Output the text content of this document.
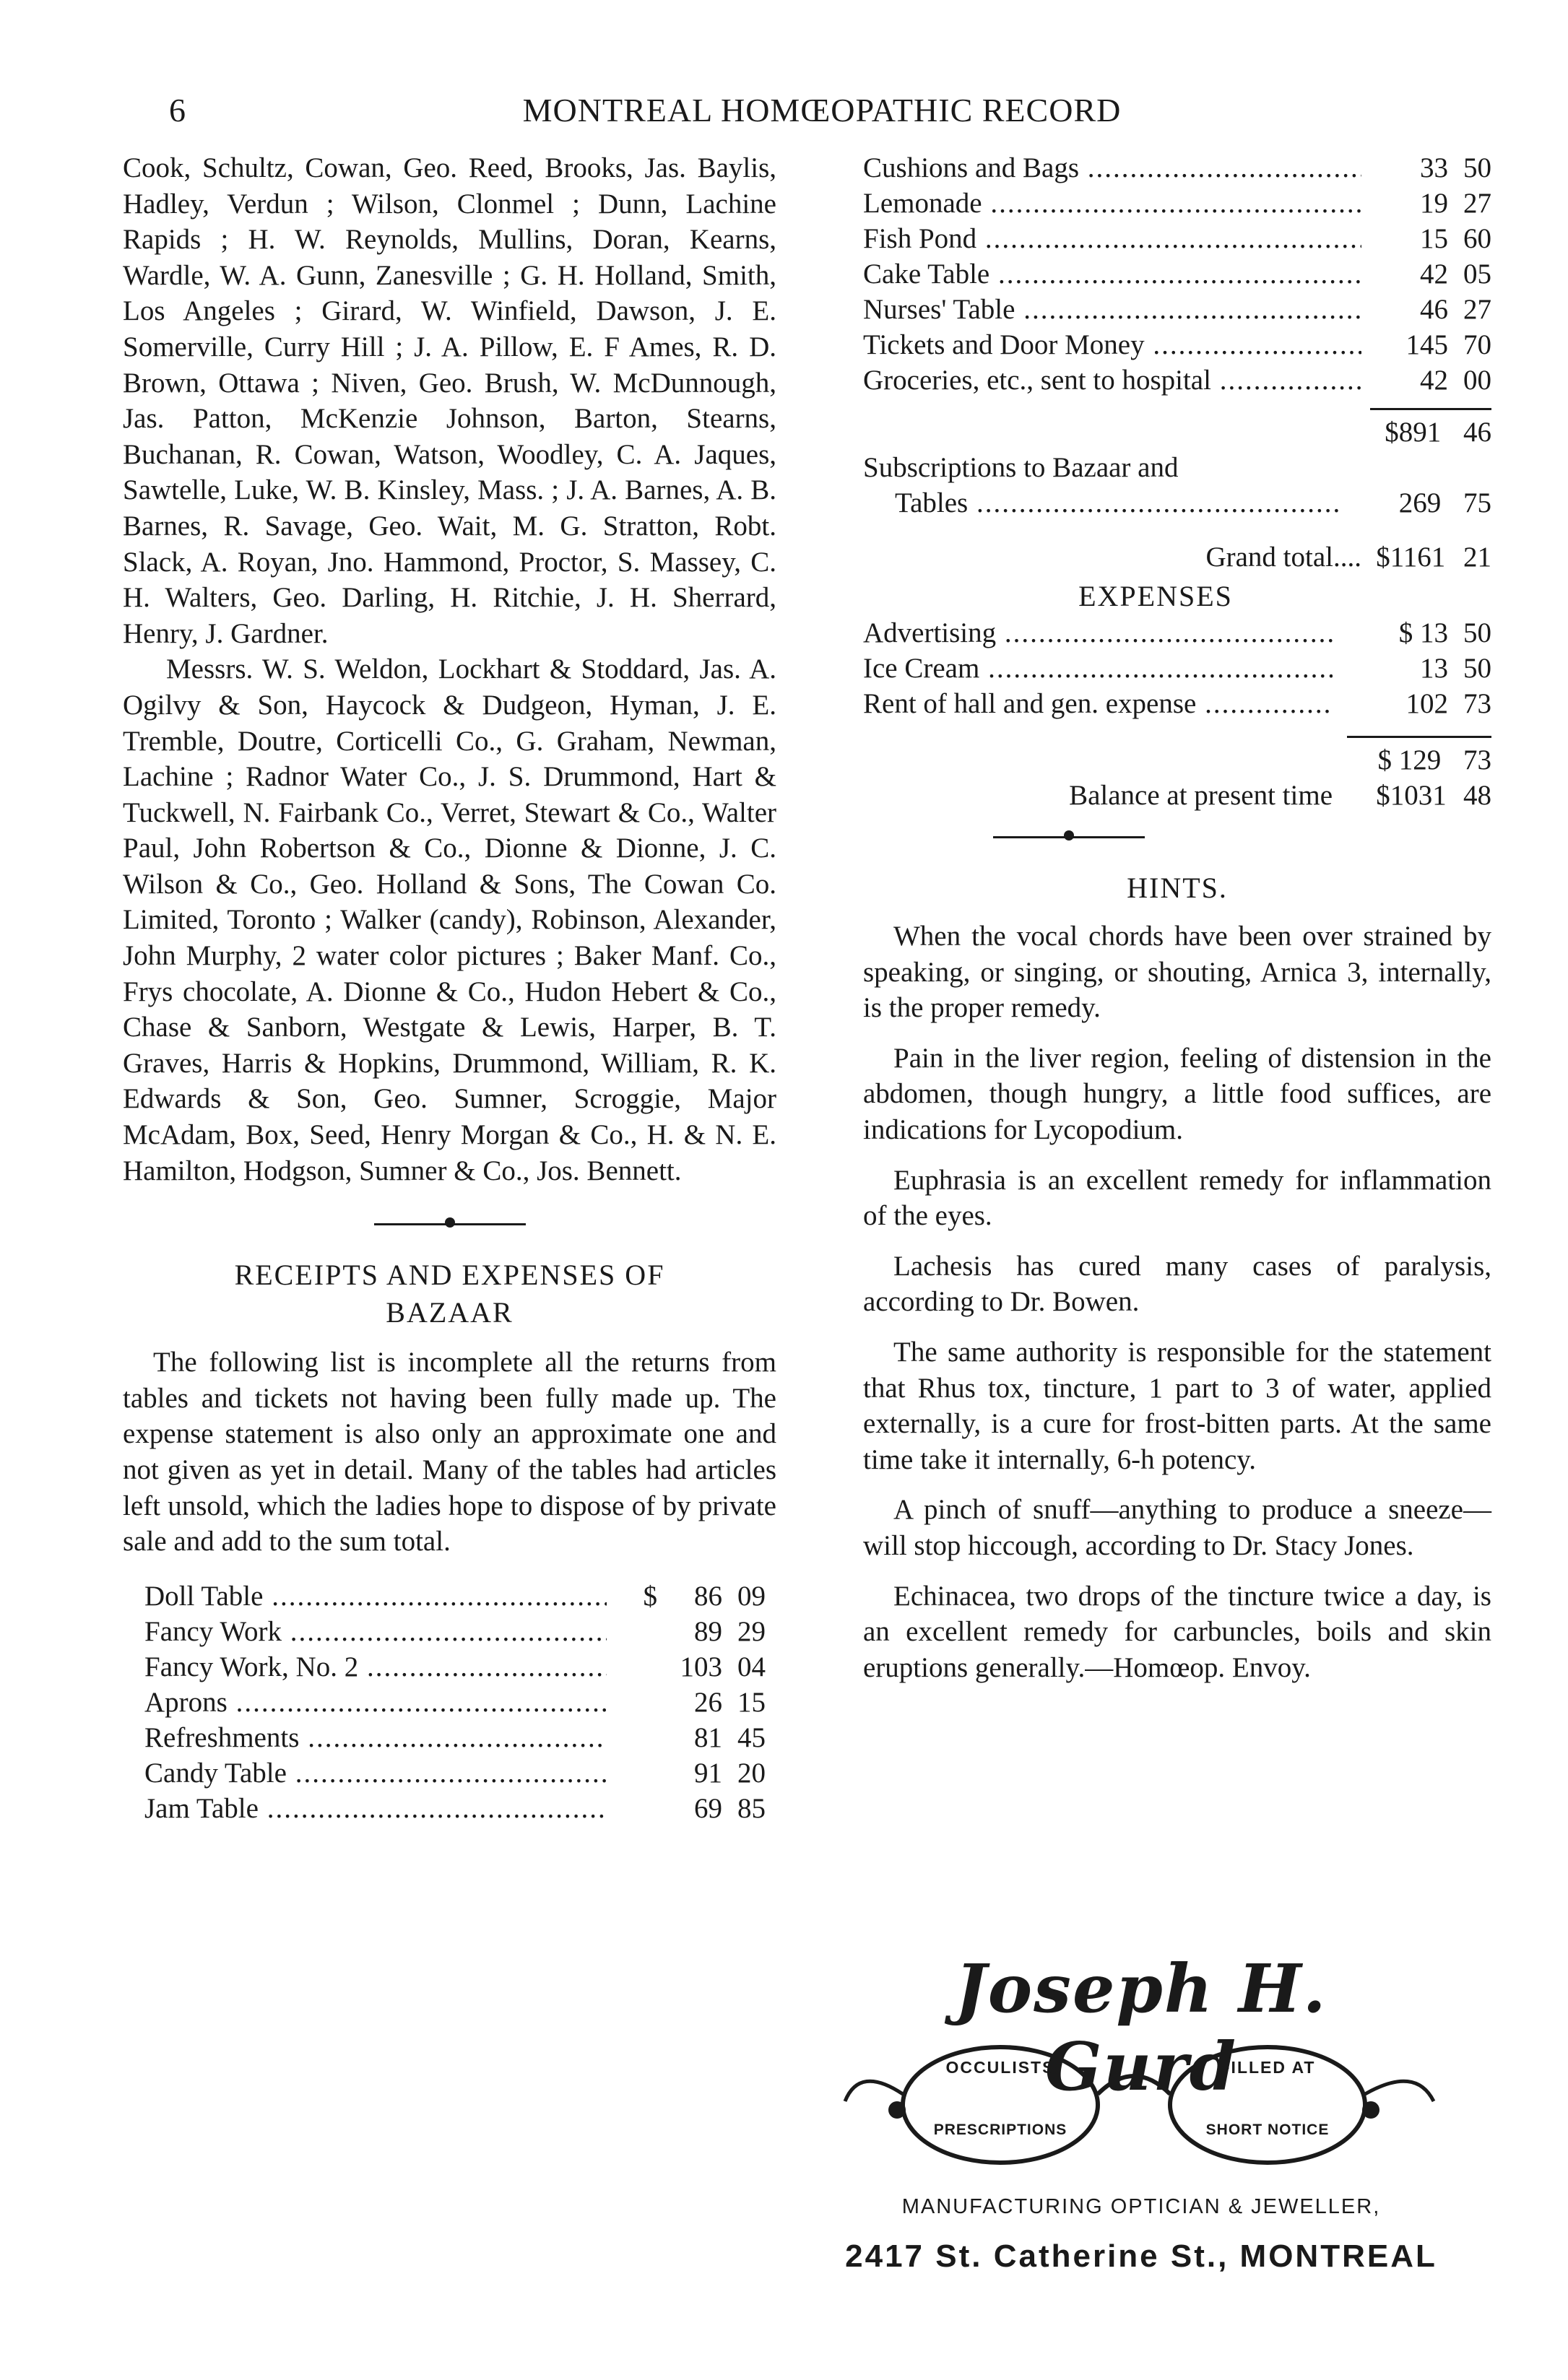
6	MONTREAL HOMŒOPATHIC RECORD

Cook, Schultz, Cowan, Geo. Reed, Brooks, Jas. Baylis, Hadley, Verdun ; Wilson, Clonmel ; Dunn, Lachine Rapids ; H. W. Reynolds, Mullins, Doran, Kearns, Wardle, W. A. Gunn, Zanesville ; G. H. Holland, Smith, Los Angeles ; Girard, W. Winfield, Dawson, J. E. Somerville, Curry Hill ; J. A. Pillow, E. F Ames, R. D. Brown, Ottawa ; Niven, Geo. Brush, W. McDunnough, Jas. Patton, McKenzie Johnson, Barton, Stearns, Buchanan, R. Cowan, Watson, Woodley, C. A. Jaques, Sawtelle, Luke, W. B. Kinsley, Mass. ; J. A. Barnes, A. B. Barnes, R. Savage, Geo. Wait, M. G. Stratton, Robt. Slack, A. Royan, Jno. Hammond, Proctor, S. Massey, C. H. Walters, Geo. Darling, H. Ritchie, J. H. Sherrard, Henry, J. Gardner.

Messrs. W. S. Weldon, Lockhart & Stoddard, Jas. A. Ogilvy & Son, Haycock & Dudgeon, Hyman, J. E. Tremble, Doutre, Corticelli Co., G. Graham, Newman, Lachine ; Radnor Water Co., J. S. Drummond, Hart & Tuckwell, N. Fairbank Co., Verret, Stewart & Co., Walter Paul, John Robertson & Co., Dionne & Dionne, J. C. Wilson & Co., Geo. Holland & Sons, The Cowan Co. Limited, Toronto ; Walker (candy), Robinson, Alexander, John Murphy, 2 water color pictures ; Baker Manf. Co., Frys chocolate, A. Dionne & Co., Hudon Hebert & Co., Chase & Sanborn, Westgate & Lewis, Harper, B. T. Graves, Harris & Hopkins, Drummond, William, R. K. Edwards & Son, Geo. Sumner, Scroggie, Major McAdam, Box, Seed, Henry Morgan & Co., H. & N. E. Hamilton, Hodgson, Sumner & Co., Jos. Bennett.

RECEIPTS AND EXPENSES OF

BAZAAR

The following list is incomplete all the returns from tables and tickets not having been fully made up. The expense statement is also only an approximate one and not given as yet in detail. Many of the tables had articles left unsold, which the ladies hope to dispose of by private sale and add to the sum total.

Doll Table .....	$ 86 09
Fancy Work .....	89 29
Fancy Work, No. 2 .....	103 04
Aprons .....	26 15
Refreshments .....	81 45
Candy Table .....	91 20
Jam Table .....	69 85
Cushions and Bags .....	33 50
Lemonade .....	19 27
Fish Pond .....	15 60
Cake Table .....	42 05
Nurses' Table .....	46 27
Tickets and Door Money .....	145 70
Groceries, etc., sent to hospital .....	42 00

$891 46

Subscriptions to Bazaar and
Tables .....	269 75
Grand total....	$1161 21

EXPENSES

Advertising .....	$ 13 50
Ice Cream .....	13 50
Rent of hall and gen. expense .....	102 73

$ 129 73
Balance at present time	$1031 48

HINTS.

When the vocal chords have been over strained by speaking, or singing, or shouting, Arnica 3, internally, is the proper remedy.

Pain in the liver region, feeling of distension in the abdomen, though hungry, a little food suffices, are indications for Lycopodium.

Euphrasia is an excellent remedy for inflammation of the eyes.

Lachesis has cured many cases of paralysis, according to Dr. Bowen.

The same authority is responsible for the statement that Rhus tox, tincture, 1 part to 3 of water, applied externally, is a cure for frost-bitten parts. At the same time take it internally, 6-h potency.

A pinch of snuff—anything to produce a sneeze— will stop hiccough, according to Dr. Stacy Jones.

Echinacea, two drops of the tincture twice a day, is an excellent remedy for carbuncles, boils and skin eruptions generally.—Homœop. Envoy.

Joseph H. Gurd
OCCULISTS
PRESCRIPTIONS
FILLED AT
SHORT NOTICE
MANUFACTURING OPTICIAN & JEWELLER,
2417 St. Catherine St., MONTREAL
